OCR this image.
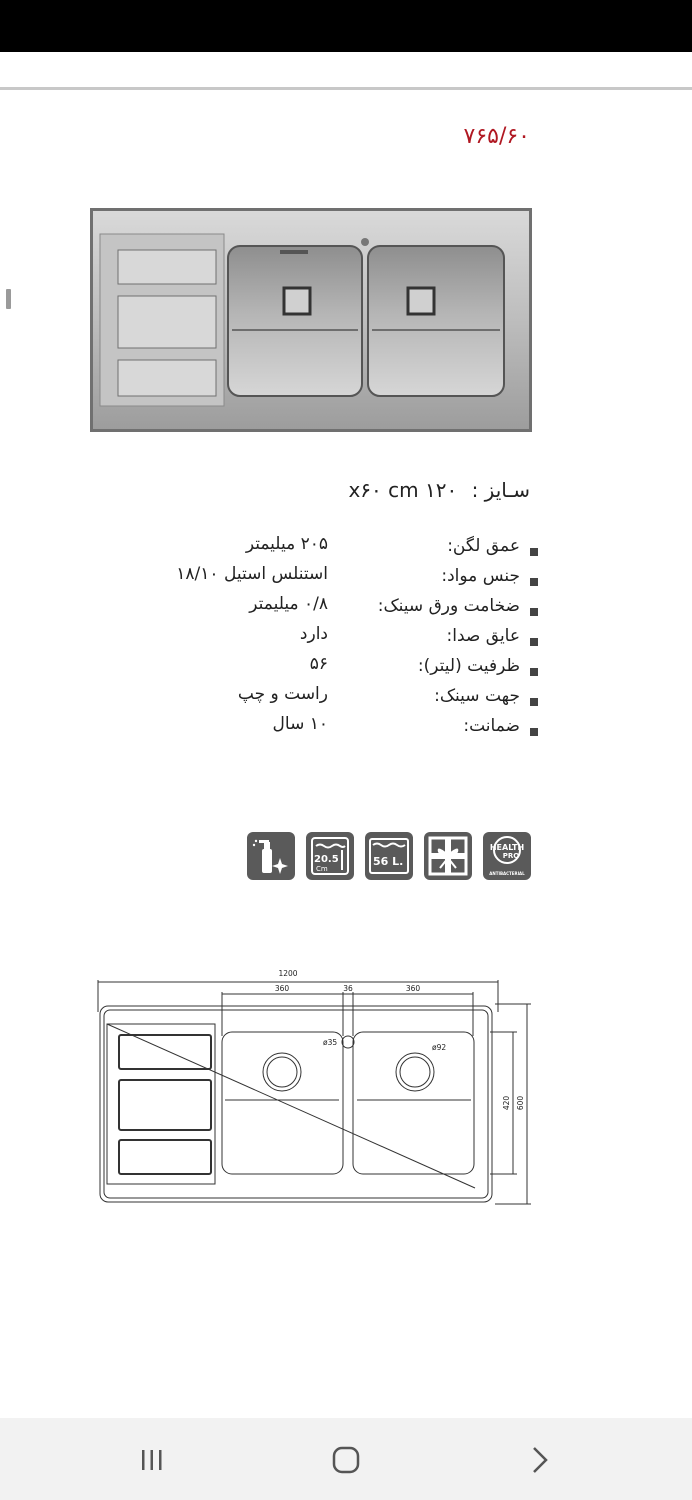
۷۶۵/۶۰
سـایز : ۱۲۰ x۶۰ cm
عمق لگن:
۲۰۵ میلیمتر
جنس مواد:
استنلس استیل ۱۸/۱۰
ضخامت ورق سینک:
۰/۸ میلیمتر
عایق صدا:
دارد
ظرفیت (لیتر):
۵۶
جهت سینک:
راست و چپ
ضمانت:
۱۰ سال
20.5
Cm
56 L.
HEALTH
PRO
ANTIBACTERIAL
1200
360	36	360
ø35
ø92
420 600
